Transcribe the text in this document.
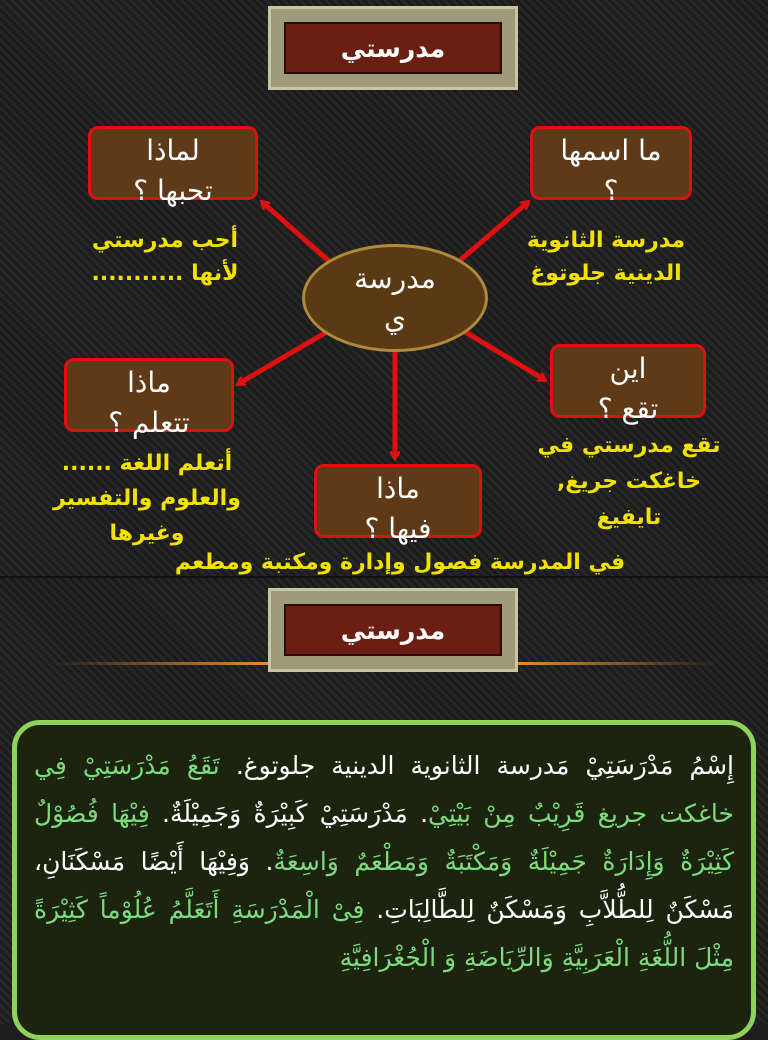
مدرستي
مدرسة
ي
لماذا
تحبها ؟
أحب مدرستي
لأنها ...........
ما اسمها
؟
مدرسة الثانوية
الدينية جلوتوغ
ماذا
تتعلم ؟
أتعلم اللغة ......
والعلوم والتفسير
وغيرها
اين
تقع ؟
تقع مدرستي في
خاغكت جريغ,
تايفيغ
ماذا
فيها ؟
في المدرسة فصول وإدارة ومكتبة ومطعم
مدرستي
إِسْمُ مَدْرَسَتِيْ مَدرسة الثانوية الدينية جلوتوغ. تَقَعُ مَدْرَسَتِيْ فِي خاغكت جريغ قَرِيْبٌ مِنْ بَيْتِيْ. مَدْرَسَتِيْ كَبِيْرَةٌ وَجَمِيْلَةٌ. فِيْهَا فُصُوْلٌ كَثِيْرَةٌ وَإِدَارَةٌ جَمِيْلَةٌ وَمَكْتَبَةٌ وَمَطْعَمٌ وَاسِعَةٌ. وَفِيْهَا أَيْضًا مَسْكَنَانِ، مَسْكَنٌ لِلطُّلاَّبِ وَمَسْكَنٌ لِلطَّالِبَاتِ. فِىْ الْمَدْرَسَةِ أَتَعَلَّمُ عُلُوْماً كَثِيْرَةً مِثْلَ اللُّغَةِ الْعَرَبِيَّةِ وَالرِّيَاضَةِ وَ الْجُغْرَافِيَّةِ
